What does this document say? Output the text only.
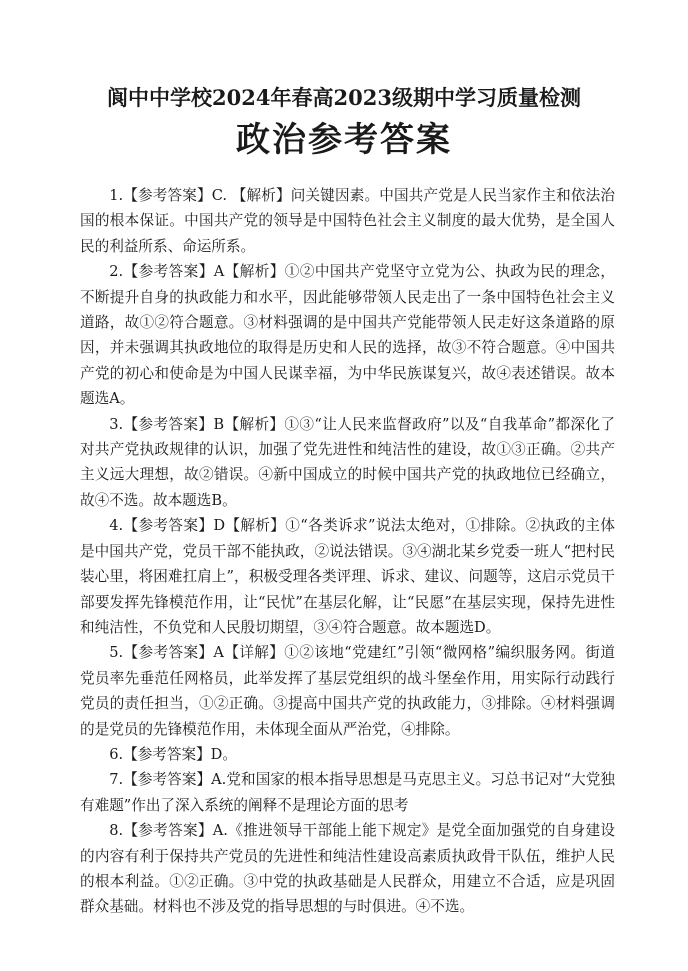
阆中中学校2024年春高2023级期中学习质量检测
政治参考答案

1.【参考答案】C. 【解析】问关键因素。中国共产党是人民当家作主和依法治国的根本保证。中国共产党的领导是中国特色社会主义制度的最大优势，是全国人民的利益所系、命运所系。

2.【参考答案】A【解析】①②中国共产党坚守立党为公、执政为民的理念，不断提升自身的执政能力和水平，因此能够带领人民走出了一条中国特色社会主义道路，故①②符合题意。③材料强调的是中国共产党能带领人民走好这条道路的原因，并未强调其执政地位的取得是历史和人民的选择，故③不符合题意。④中国共产党的初心和使命是为中国人民谋幸福，为中华民族谋复兴，故④表述错误。故本题选A。

3.【参考答案】B【解析】①③“让人民来监督政府”以及“自我革命”都深化了对共产党执政规律的认识，加强了党先进性和纯洁性的建设，故①③正确。②共产主义远大理想，故②错误。④新中国成立的时候中国共产党的执政地位已经确立，故④不选。故本题选B。

4.【参考答案】D【解析】①“各类诉求”说法太绝对，①排除。②执政的主体是中国共产党，党员干部不能执政，②说法错误。③④湖北某乡党委一班人“把村民装心里，将困难扛肩上”，积极受理各类评理、诉求、建议、问题等，这启示党员干部要发挥先锋模范作用，让“民忧”在基层化解，让“民愿”在基层实现，保持先进性和纯洁性，不负党和人民殷切期望，③④符合题意。故本题选D。

5.【参考答案】A【详解】①②该地“党建红”引领“微网格”编织服务网。街道党员率先垂范任网格员，此举发挥了基层党组织的战斗堡垒作用，用实际行动践行党员的责任担当，①②正确。③提高中国共产党的执政能力，③排除。④材料强调的是党员的先锋模范作用，未体现全面从严治党，④排除。

6.【参考答案】D。

7.【参考答案】A.党和国家的根本指导思想是马克思主义。习总书记对“大党独有难题”作出了深入系统的阐释不是理论方面的思考

8.【参考答案】A.《推进领导干部能上能下规定》是党全面加强党的自身建设的内容有利于保持共产党员的先进性和纯洁性建设高素质执政骨干队伍，维护人民的根本利益。①②正确。③中党的执政基础是人民群众，用建立不合适，应是巩固群众基础。材料也不涉及党的指导思想的与时俱进。④不选。
